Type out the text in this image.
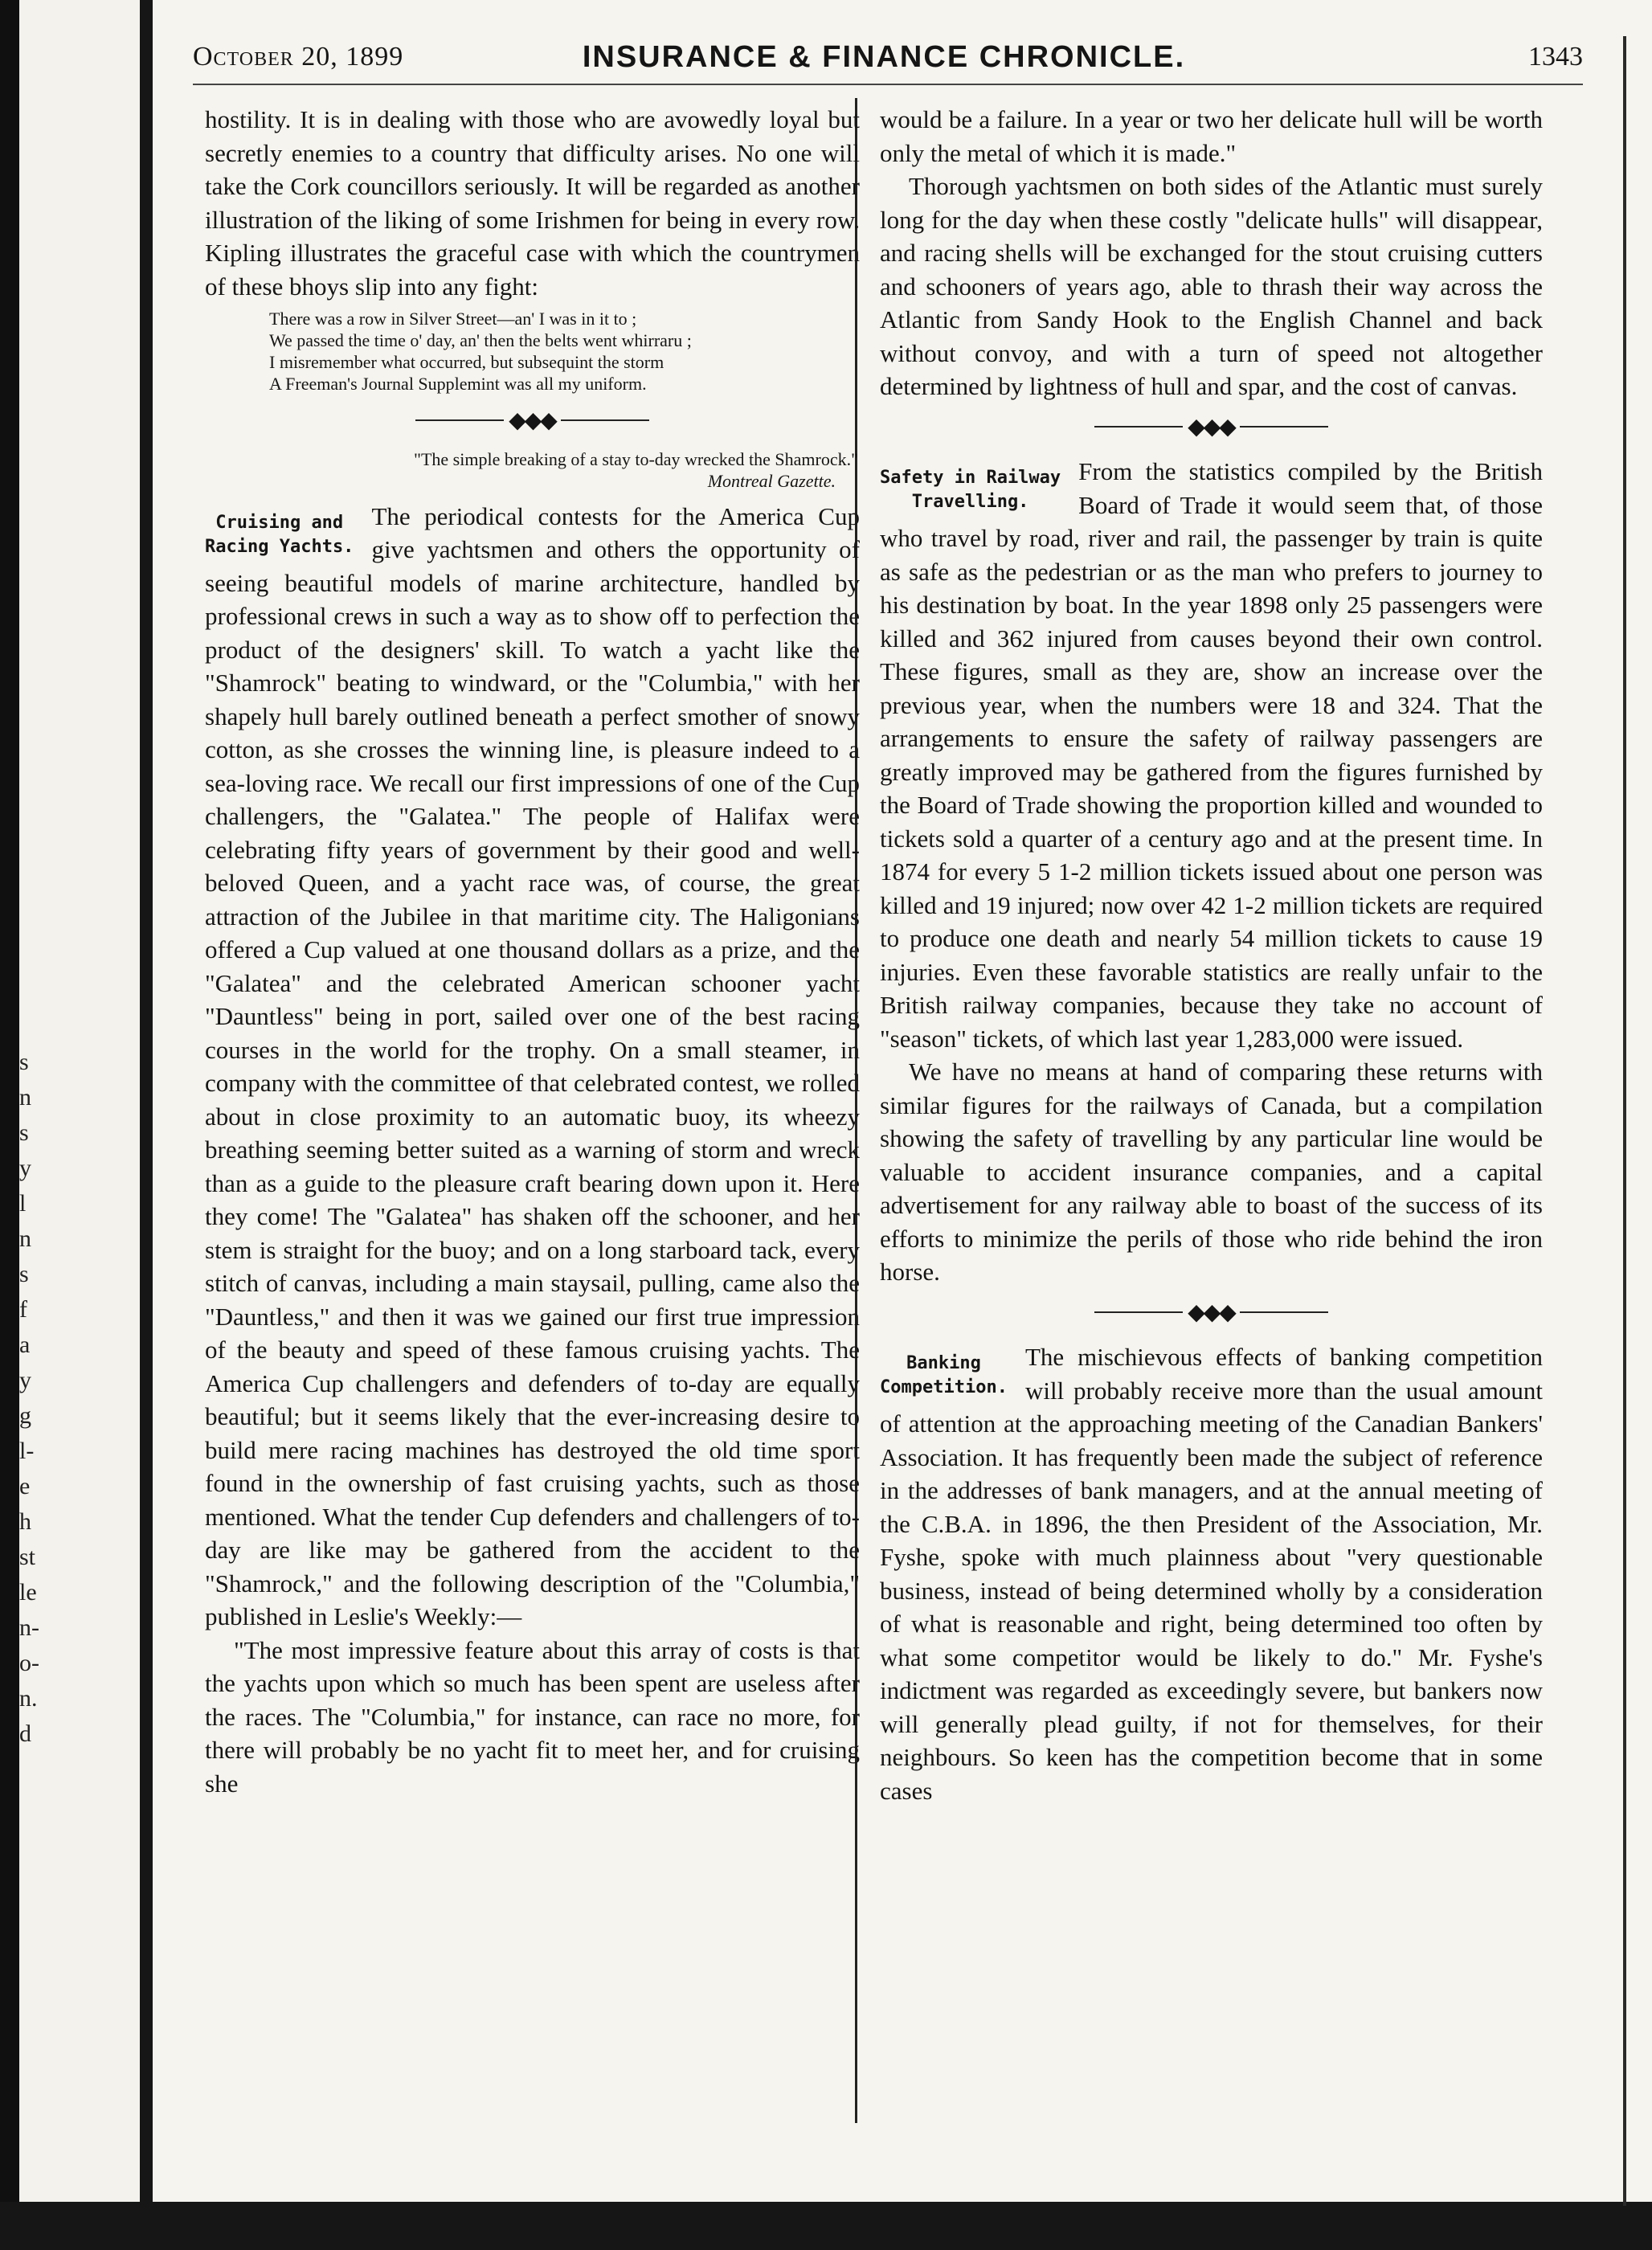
s
n
s
y
l
n
s
f
a
y
g
l-
e
h
st
le
n-
o-
n.
d
October 20, 1899	INSURANCE & FINANCE CHRONICLE.	1343

hostility. It is in dealing with those who are avowedly loyal but secretly enemies to a country that difficulty arises. No one will take the Cork councillors seriously. It will be regarded as another illustration of the liking of some Irishmen for being in every row. Kipling illustrates the graceful case with which the countrymen of these bhoys slip into any fight:

There was a row in Silver Street—an' I was in it to ;
We passed the time o' day, an' then the belts went whirraru ;
I misremember what occurred, but subsequint the storm
A Freeman's Journal Supplemint was all my uniform.
◆◆◆
"The simple breaking of a stay to-day wrecked the Shamrock."
Montreal Gazette.
Cruising and
Racing Yachts.

The periodical contests for the America Cup give yachtsmen and others the opportunity of seeing beautiful models of marine architecture, handled by professional crews in such a way as to show off to perfection the product of the designers' skill. To watch a yacht like the "Shamrock" beating to windward, or the "Columbia," with her shapely hull barely outlined beneath a perfect smother of snowy cotton, as she crosses the winning line, is pleasure indeed to a sea-loving race. We recall our first impressions of one of the Cup challengers, the "Galatea." The people of Halifax were celebrating fifty years of government by their good and well-beloved Queen, and a yacht race was, of course, the great attraction of the Jubilee in that maritime city. The Haligonians offered a Cup valued at one thousand dollars as a prize, and the "Galatea" and the celebrated American schooner yacht "Dauntless" being in port, sailed over one of the best racing courses in the world for the trophy. On a small steamer, in company with the committee of that celebrated contest, we rolled about in close proximity to an automatic buoy, its wheezy breathing seeming better suited as a warning of storm and wreck than as a guide to the pleasure craft bearing down upon it. Here they come! The "Galatea" has shaken off the schooner, and her stem is straight for the buoy; and on a long starboard tack, every stitch of canvas, including a main staysail, pulling, came also the "Dauntless," and then it was we gained our first true impression of the beauty and speed of these famous cruising yachts. The America Cup challengers and defenders of to-day are equally beautiful; but it seems likely that the ever-increasing desire to build mere racing machines has destroyed the old time sport found in the ownership of fast cruising yachts, such as those mentioned. What the tender Cup defenders and challengers of to-day are like may be gathered from the accident to the "Shamrock," and the following description of the "Columbia," published in Leslie's Weekly:—

"The most impressive feature about this array of costs is that the yachts upon which so much has been spent are useless after the races. The "Columbia," for instance, can race no more, for there will probably be no yacht fit to meet her, and for cruising she

would be a failure. In a year or two her delicate hull will be worth only the metal of which it is made."

Thorough yachtsmen on both sides of the Atlantic must surely long for the day when these costly "delicate hulls" will disappear, and racing shells will be exchanged for the stout cruising cutters and schooners of years ago, able to thrash their way across the Atlantic from Sandy Hook to the English Channel and back without convoy, and with a turn of speed not altogether determined by lightness of hull and spar, and the cost of canvas.

◆◆◆
Safety in Railway
Travelling.

From the statistics compiled by the British Board of Trade it would seem that, of those who travel by road, river and rail, the passenger by train is quite as safe as the pedestrian or as the man who prefers to journey to his destination by boat. In the year 1898 only 25 passengers were killed and 362 injured from causes beyond their own control. These figures, small as they are, show an increase over the previous year, when the numbers were 18 and 324. That the arrangements to ensure the safety of railway passengers are greatly improved may be gathered from the figures furnished by the Board of Trade showing the proportion killed and wounded to tickets sold a quarter of a century ago and at the present time. In 1874 for every 5 1-2 million tickets issued about one person was killed and 19 injured; now over 42 1-2 million tickets are required to produce one death and nearly 54 million tickets to cause 19 injuries. Even these favorable statistics are really unfair to the British railway companies, because they take no account of "season" tickets, of which last year 1,283,000 were issued.

We have no means at hand of comparing these returns with similar figures for the railways of Canada, but a compilation showing the safety of travelling by any particular line would be valuable to accident insurance companies, and a capital advertisement for any railway able to boast of the success of its efforts to minimize the perils of those who ride behind the iron horse.

◆◆◆
Banking
Competition.

The mischievous effects of banking competition will probably receive more than the usual amount of attention at the approaching meeting of the Canadian Bankers' Association. It has frequently been made the subject of reference in the addresses of bank managers, and at the annual meeting of the C.B.A. in 1896, the then President of the Association, Mr. Fyshe, spoke with much plainness about "very questionable business, instead of being determined wholly by a consideration of what is reasonable and right, being determined too often by what some competitor would be likely to do." Mr. Fyshe's indictment was regarded as exceedingly severe, but bankers now will generally plead guilty, if not for themselves, for their neighbours. So keen has the competition become that in some cases
